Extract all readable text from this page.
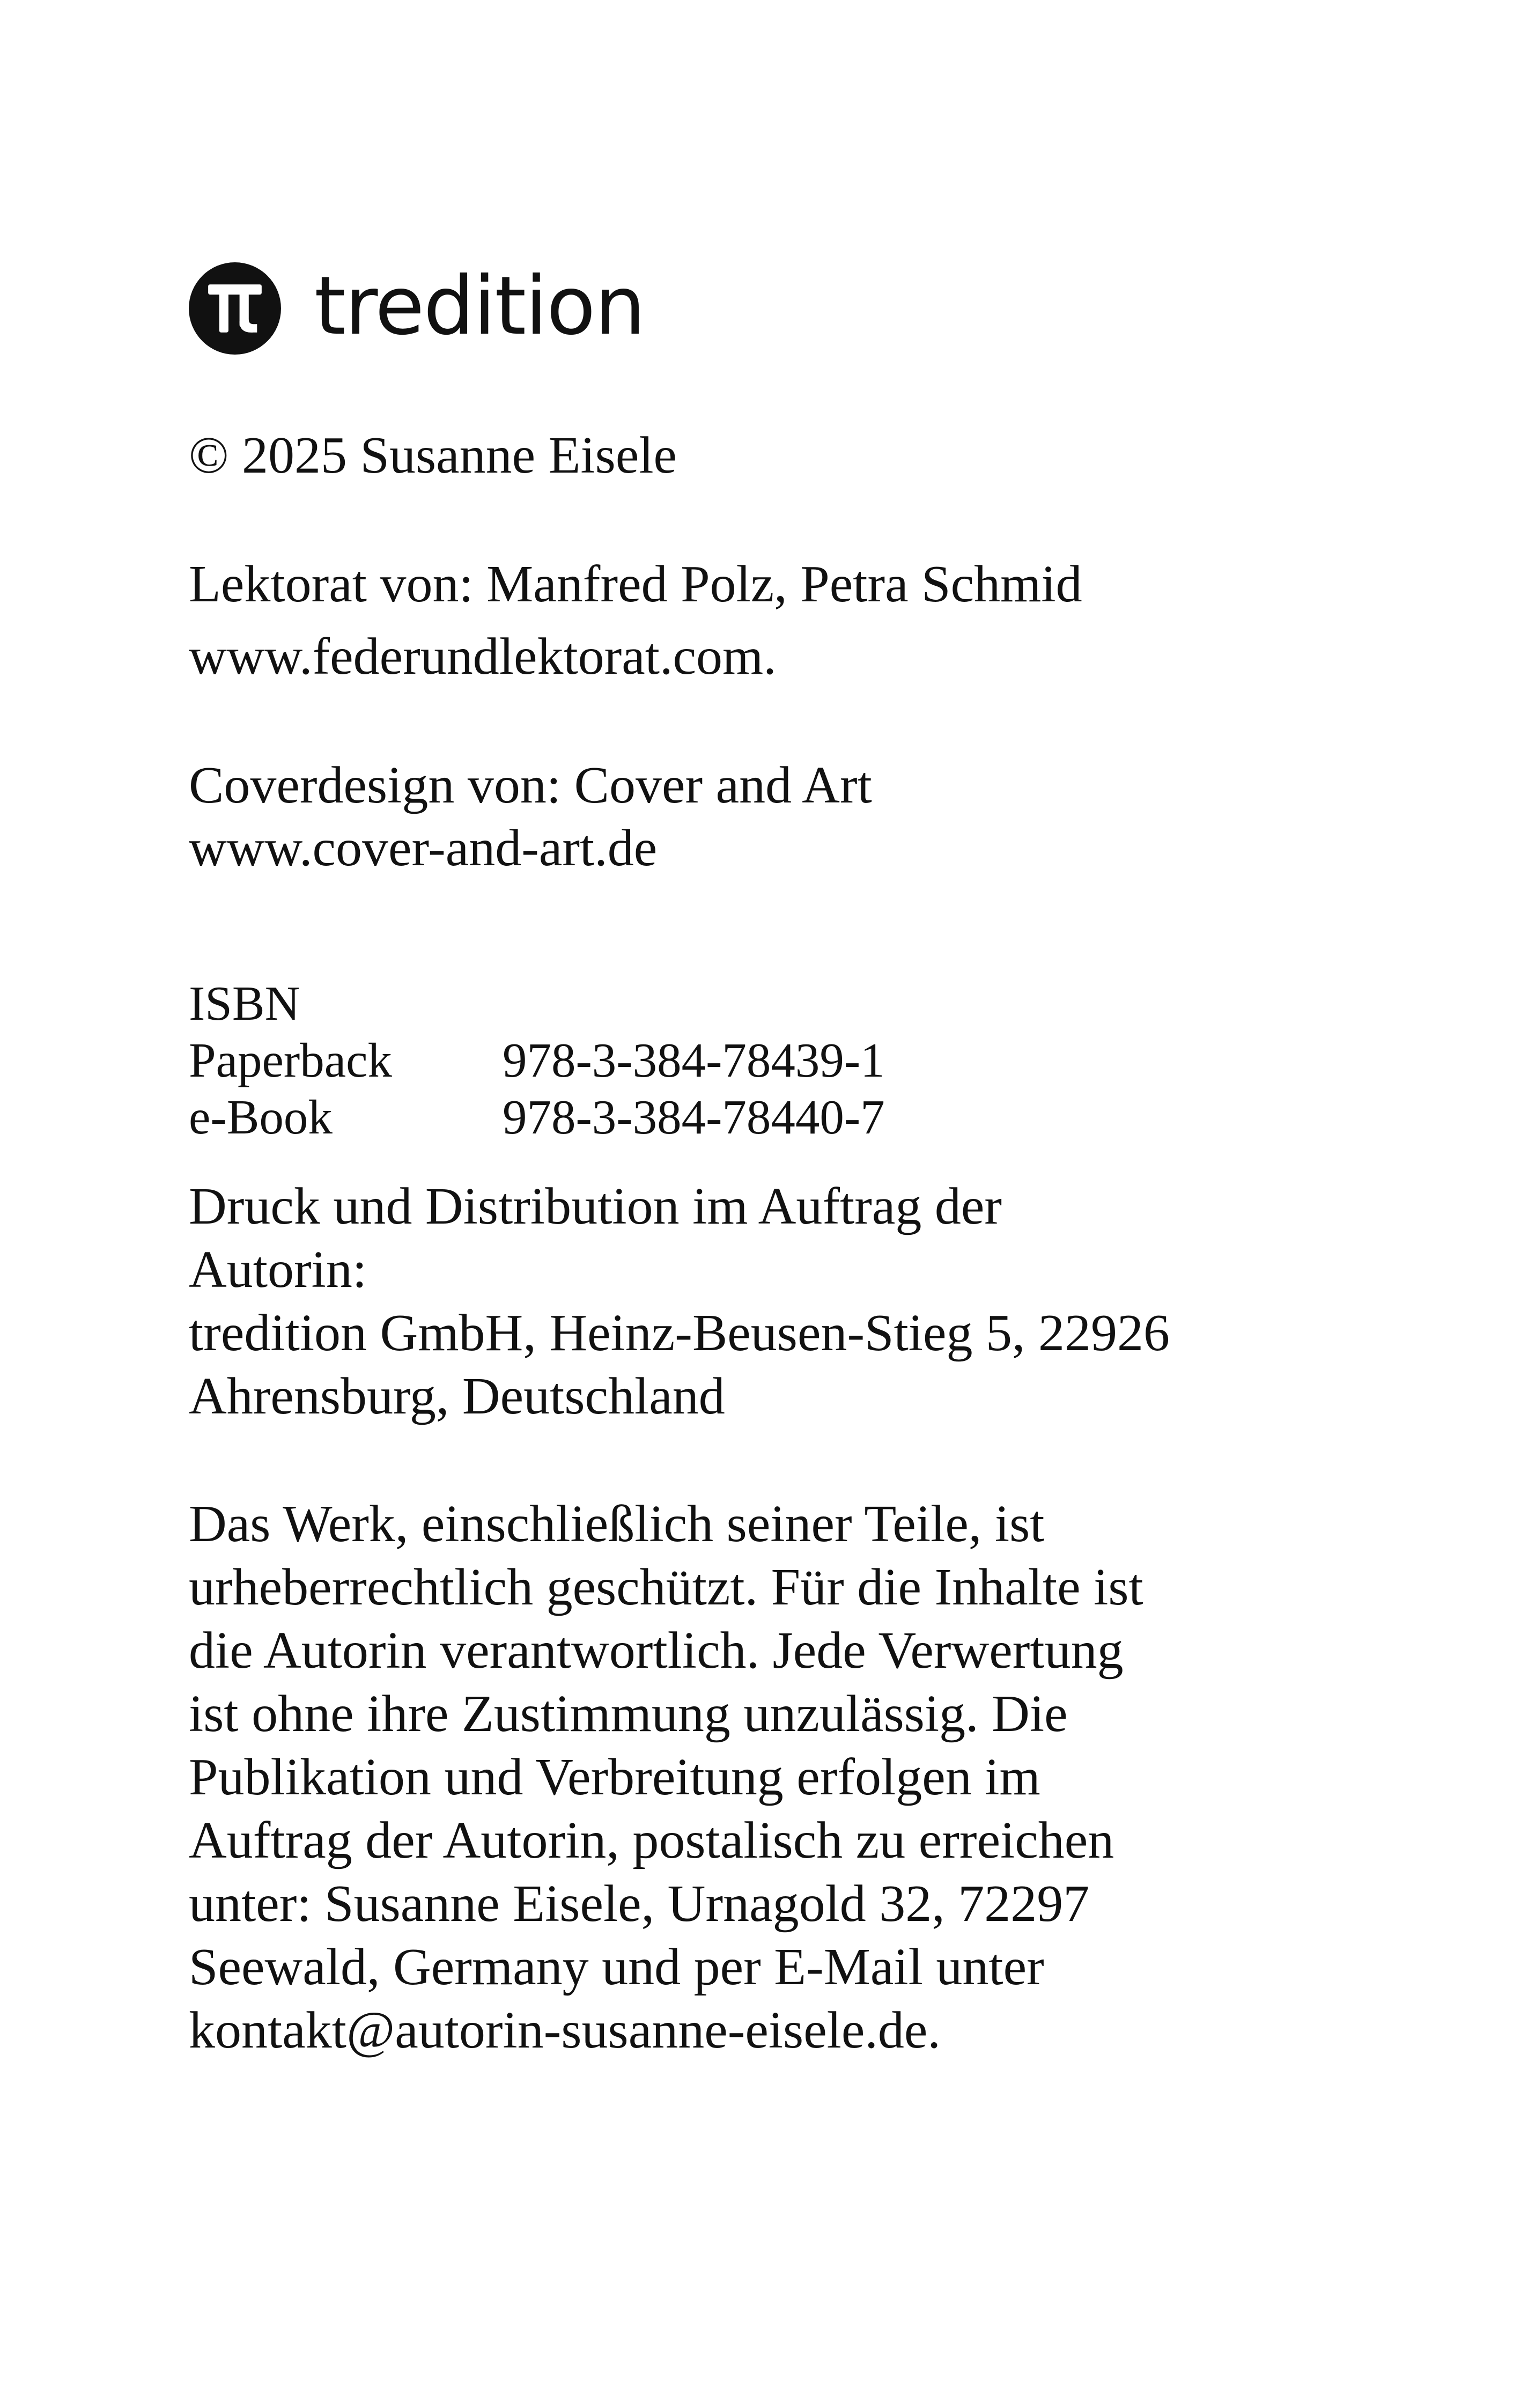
tredition

© 2025 Susanne Eisele

Lektorat von: Manfred Polz, Petra Schmid

www.federundlektorat.com.

Coverdesign von: Cover and Art

www.cover-and-art.de

ISBN

Paperback 978-3-384-78439-1
e-Book	978-3-384-78440-7

Druck und Distribution im Auftrag der

Autorin:

tredition GmbH, Heinz-Beusen-Stieg 5, 22926

Ahrensburg, Deutschland

Das Werk, einschließlich seiner Teile, ist

urheberrechtlich geschützt. Für die Inhalte ist

die Autorin verantwortlich. Jede Verwertung

ist ohne ihre Zustimmung unzulässig. Die

Publikation und Verbreitung erfolgen im

Auftrag der Autorin, postalisch zu erreichen

unter: Susanne Eisele, Urnagold 32, 72297

Seewald, Germany und per E-Mail unter

kontakt@autorin-susanne-eisele.de.
